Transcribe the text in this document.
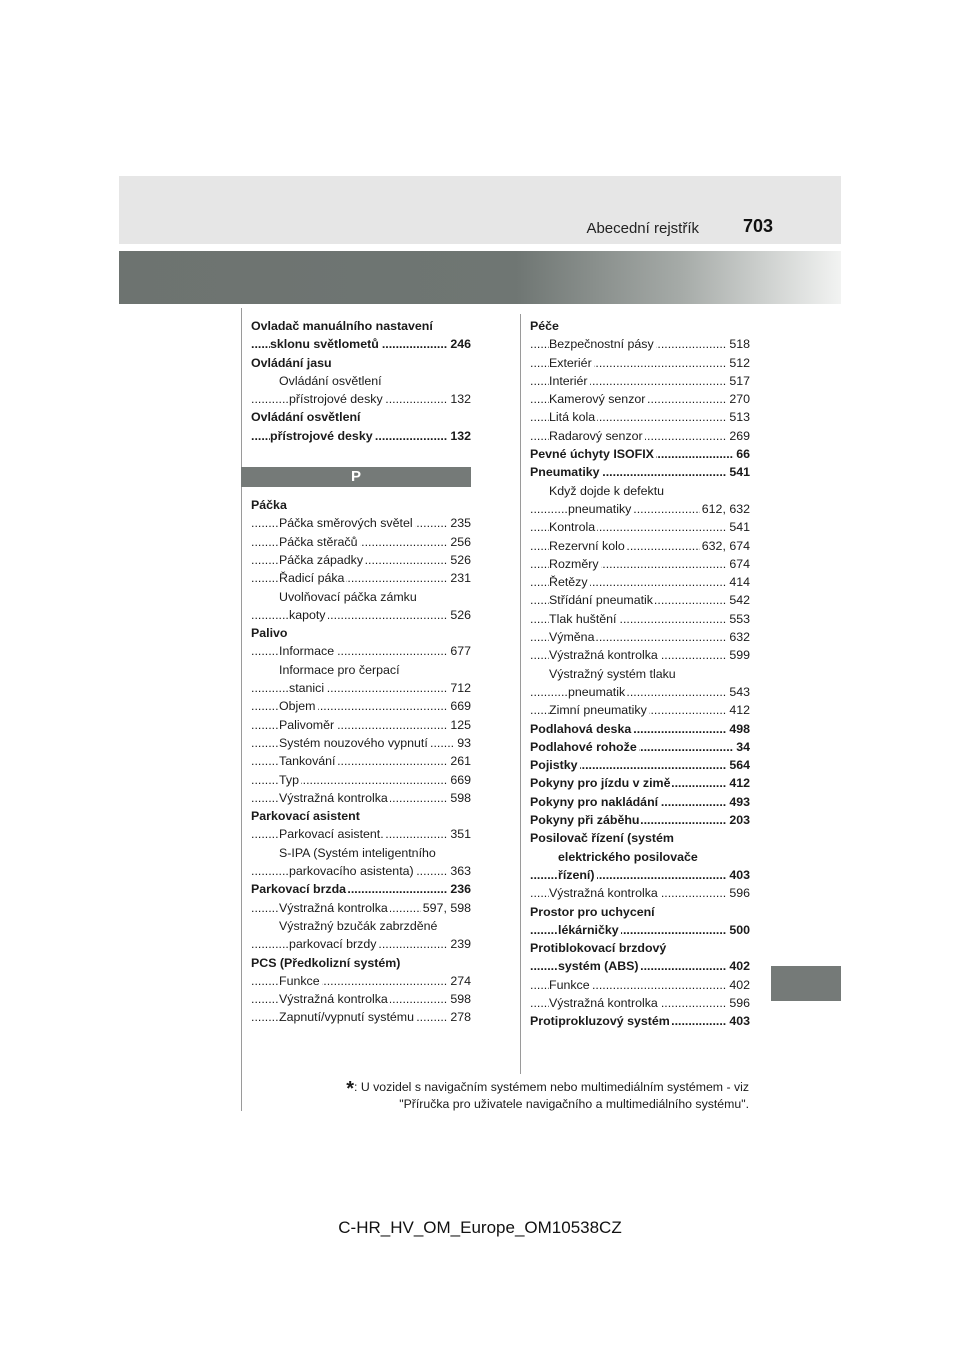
Abecední rejstřík 703
Ovladač manuálního nastavení
sklonu světlometů	246
.....
Ovládání jasu
Ovládání osvětlení
přístrojové desky	132
.....
Ovládání osvětlení
přístrojové desky	132
.....
P
Páčka
Páčka směrových světel	235
.....
Páčka stěračů	256
.....
Páčka západky	526
.....
Řadicí páka	231
.....
Uvolňovací páčka zámku
kapoty	526
.....
Palivo
Informace	677
.....
Informace pro čerpací
stanici	712
.....
Objem	669
.....
Palivoměr	125
.....
Systém nouzového vypnutí 93
.....
Tankování	261
.....
Typ	669
.....
Výstražná kontrolka	598
.....
Parkovací asistent
Parkovací asistent.	351
.....
S-IPA (Systém inteligentního
parkovacího asistenta)	363
.....
Parkovací brzda	236
.....
Výstražná kontrolka	597, 598
.....
Výstražný bzučák zabrzděné
parkovací brzdy	239
.....
PCS (Předkolizní systém)
Funkce	274
.....
Výstražná kontrolka	598
.....
Zapnutí/vypnutí systému	278
.....
Péče
Bezpečnostní pásy	518
.....
Exteriér	512
.....
Interiér	517
.....
Kamerový senzor	270
.....
Litá kola	513
.....
Radarový senzor	269
.....
Pevné úchyty ISOFIX	66
.....
Pneumatiky	541
.....
Když dojde k defektu
pneumatiky	612, 632
.....
Kontrola	541
.....
Rezervní kolo	632, 674
.....
Rozměry	674
.....
Řetězy	414
.....
Střídání pneumatik	542
.....
Tlak huštění	553
.....
Výměna	632
.....
Výstražná kontrolka	599
.....
Výstražný systém tlaku
pneumatik	543
.....
Zimní pneumatiky	412
.....
Podlahová deska	498
.....
Podlahové rohože	34
.....
Pojistky	564
.....
Pokyny pro jízdu v zimě	412
.....
Pokyny pro nakládání	493
.....
Pokyny při záběhu	203
.....
Posilovač řízení (systém
elektrického posilovače
řízení)	403
.....
Výstražná kontrolka	596
.....
Prostor pro uchycení
lékárničky	500
.....
Protiblokovací brzdový
systém (ABS)	402
.....
Funkce	402
.....
Výstražná kontrolka	596
.....
Protiprokluzový systém	403
.....
*: U vozidel s navigačním systémem nebo multimediálním systémem - viz
"Příručka pro uživatele navigačního a multimediálního systému".
C-HR_HV_OM_Europe_OM10538CZ
